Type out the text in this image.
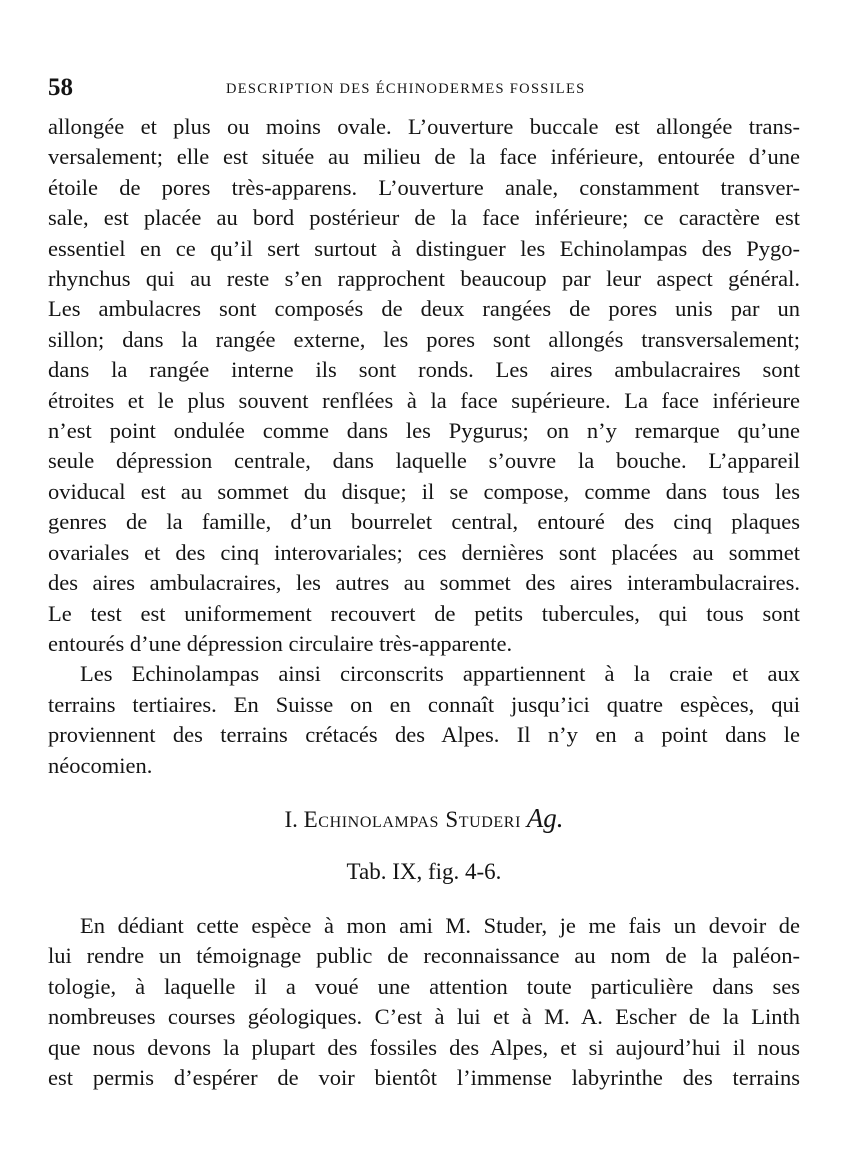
58	DESCRIPTION DES ÉCHINODERMES FOSSILES

allongée et plus ou moins ovale. L’ouverture buccale est allongée trans-
versalement; elle est située au milieu de la face inférieure, entourée d’une
étoile de pores très-apparens. L’ouverture anale, constamment transver-
sale, est placée au bord postérieur de la face inférieure; ce caractère est
essentiel en ce qu’il sert surtout à distinguer les Echinolampas des Pygo-
rhynchus qui au reste s’en rapprochent beaucoup par leur aspect général.
Les ambulacres sont composés de deux rangées de pores unis par un
sillon; dans la rangée externe, les pores sont allongés transversalement;
dans la rangée interne ils sont ronds. Les aires ambulacraires sont
étroites et le plus souvent renflées à la face supérieure. La face inférieure
n’est point ondulée comme dans les Pygurus; on n’y remarque qu’une
seule dépression centrale, dans laquelle s’ouvre la bouche. L’appareil
oviducal est au sommet du disque; il se compose, comme dans tous les
genres de la famille, d’un bourrelet central, entouré des cinq plaques
ovariales et des cinq interovariales; ces dernières sont placées au sommet
des aires ambulacraires, les autres au sommet des aires interambulacraires.
Le test est uniformement recouvert de petits tubercules, qui tous sont
entourés d’une dépression circulaire très-apparente.

Les Echinolampas ainsi circonscrits appartiennent à la craie et aux
terrains tertiaires. En Suisse on en connaît jusqu’ici quatre espèces, qui
proviennent des terrains crétacés des Alpes. Il n’y en a point dans le
néocomien.

I. Echinolampas Studeri Ag.
Tab. IX, fig. 4-6.

En dédiant cette espèce à mon ami M. Studer, je me fais un devoir de
lui rendre un témoignage public de reconnaissance au nom de la paléon-
tologie, à laquelle il a voué une attention toute particulière dans ses
nombreuses courses géologiques. C’est à lui et à M. A. Escher de la Linth
que nous devons la plupart des fossiles des Alpes, et si aujourd’hui il nous
est permis d’espérer de voir bientôt l’immense labyrinthe des terrains
